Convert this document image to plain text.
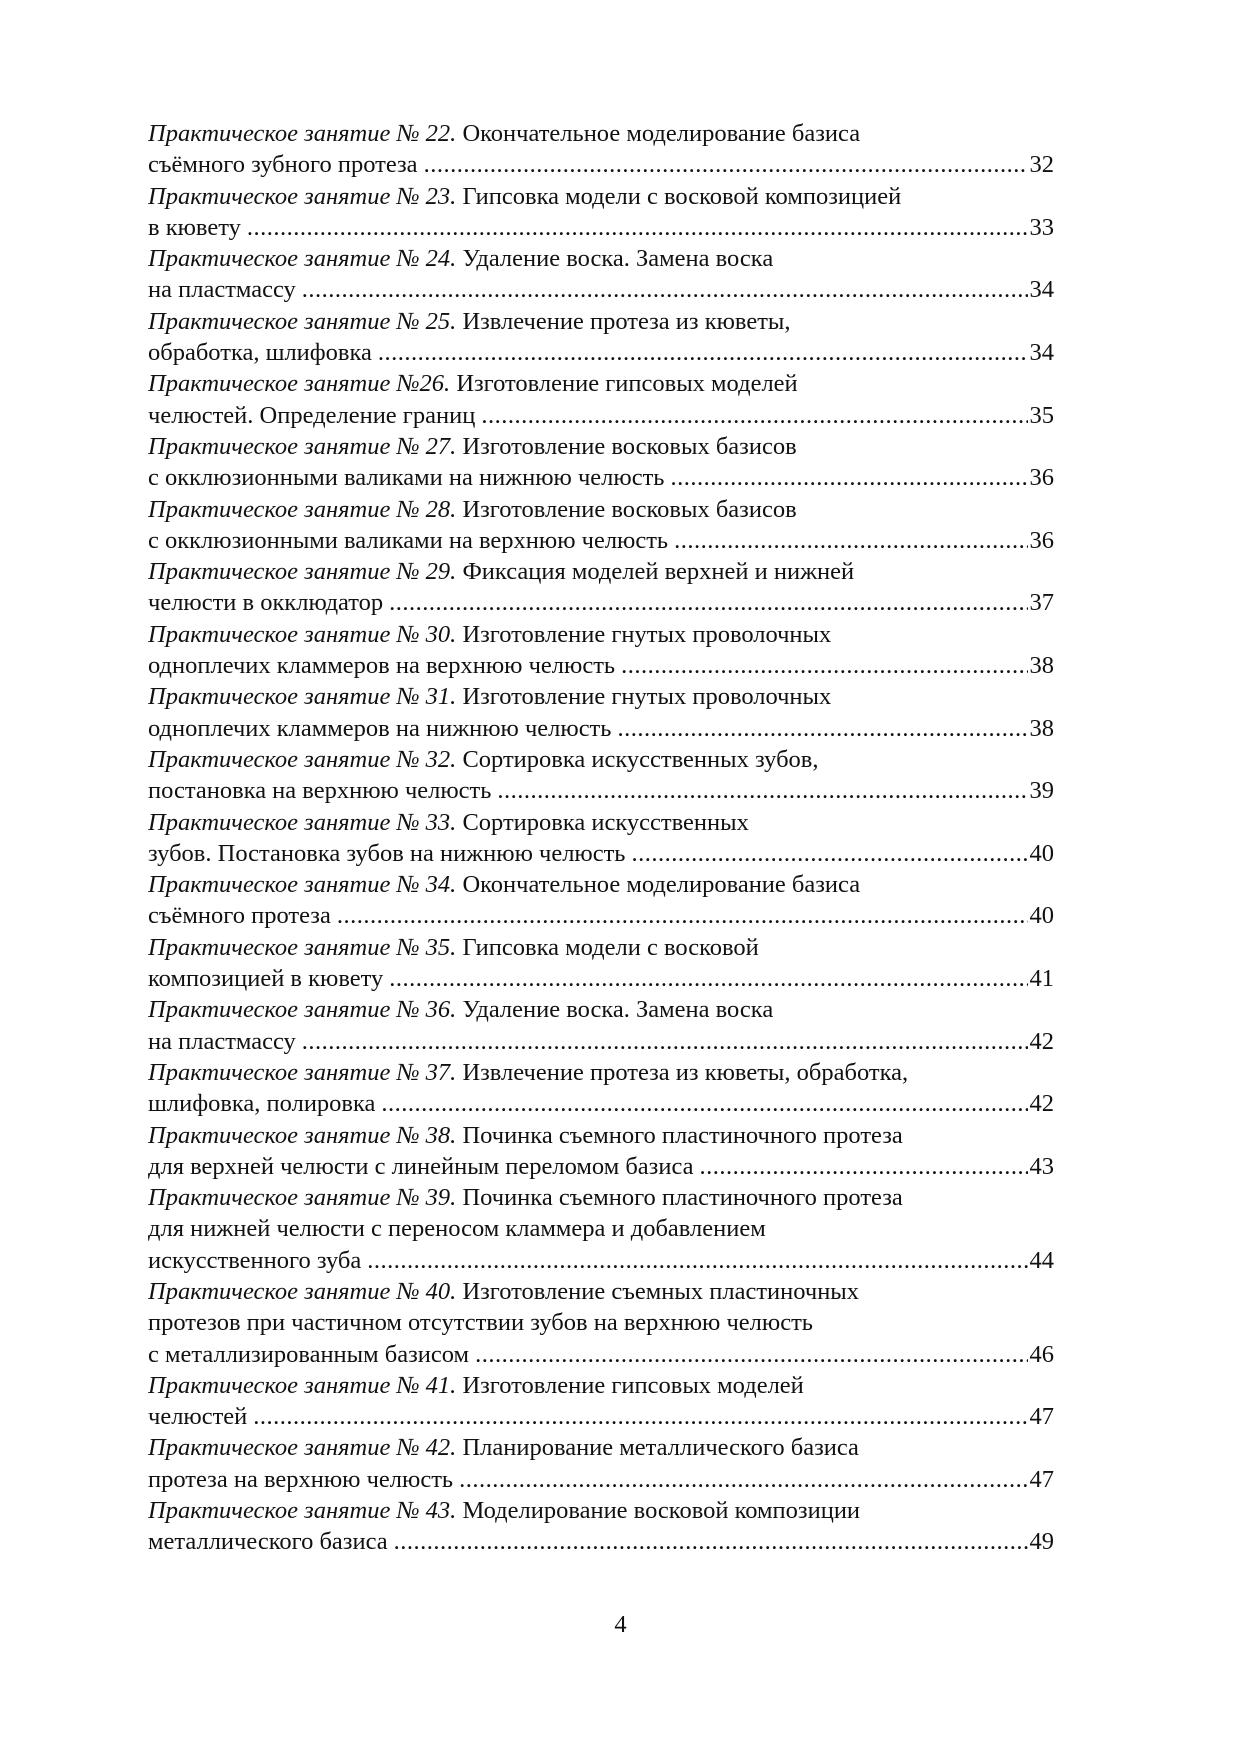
Практическое занятие № 22. Окончательное моделирование базиса
съёмного зубного протеза .....	32
Практическое занятие № 23. Гипсовка модели с восковой композицией
в кювету .....	33
Практическое занятие № 24. Удаление воска. Замена воска
на пластмассу .....	34
Практическое занятие № 25. Извлечение протеза из кюветы,
обработка, шлифовка .....	34
Практическое занятие №26. Изготовление гипсовых моделей
челюстей. Определение границ .....	35
Практическое занятие № 27. Изготовление восковых базисов
с окклюзионными валиками на нижнюю челюсть .....	36
Практическое занятие № 28. Изготовление восковых базисов
с окклюзионными валиками на верхнюю челюсть .....	36
Практическое занятие № 29. Фиксация моделей верхней и нижней
челюсти в окклюдатор .....	37
Практическое занятие № 30. Изготовление гнутых проволочных
одноплечих кламмеров на верхнюю челюсть .....	38
Практическое занятие № 31. Изготовление гнутых проволочных
одноплечих кламмеров на нижнюю челюсть .....	38
Практическое занятие № 32. Сортировка искусственных зубов,
постановка на верхнюю челюсть .....	39
Практическое занятие № 33. Сортировка искусственных
зубов. Постановка зубов на нижнюю челюсть .....	40
Практическое занятие № 34. Окончательное моделирование базиса
съёмного протеза .....	40
Практическое занятие № 35. Гипсовка модели с восковой
композицией в кювету .....	41
Практическое занятие № 36. Удаление воска. Замена воска
на пластмассу .....	42
Практическое занятие № 37. Извлечение протеза из кюветы, обработка,
шлифовка, полировка .....	42
Практическое занятие № 38. Починка съемного пластиночного протеза
для верхней челюсти с линейным переломом базиса .....	43
Практическое занятие № 39. Починка съемного пластиночного протеза
для нижней челюсти с переносом кламмера и добавлением
искусственного зуба .....	44
Практическое занятие № 40. Изготовление съемных пластиночных
протезов при частичном отсутствии зубов на верхнюю челюсть
с металлизированным базисом .....	46
Практическое занятие № 41. Изготовление гипсовых моделей
челюстей .....	47
Практическое занятие № 42. Планирование металлического базиса
протеза на верхнюю челюсть .....	47
Практическое занятие № 43. Моделирование восковой композиции
металлического базиса .....	49
4
